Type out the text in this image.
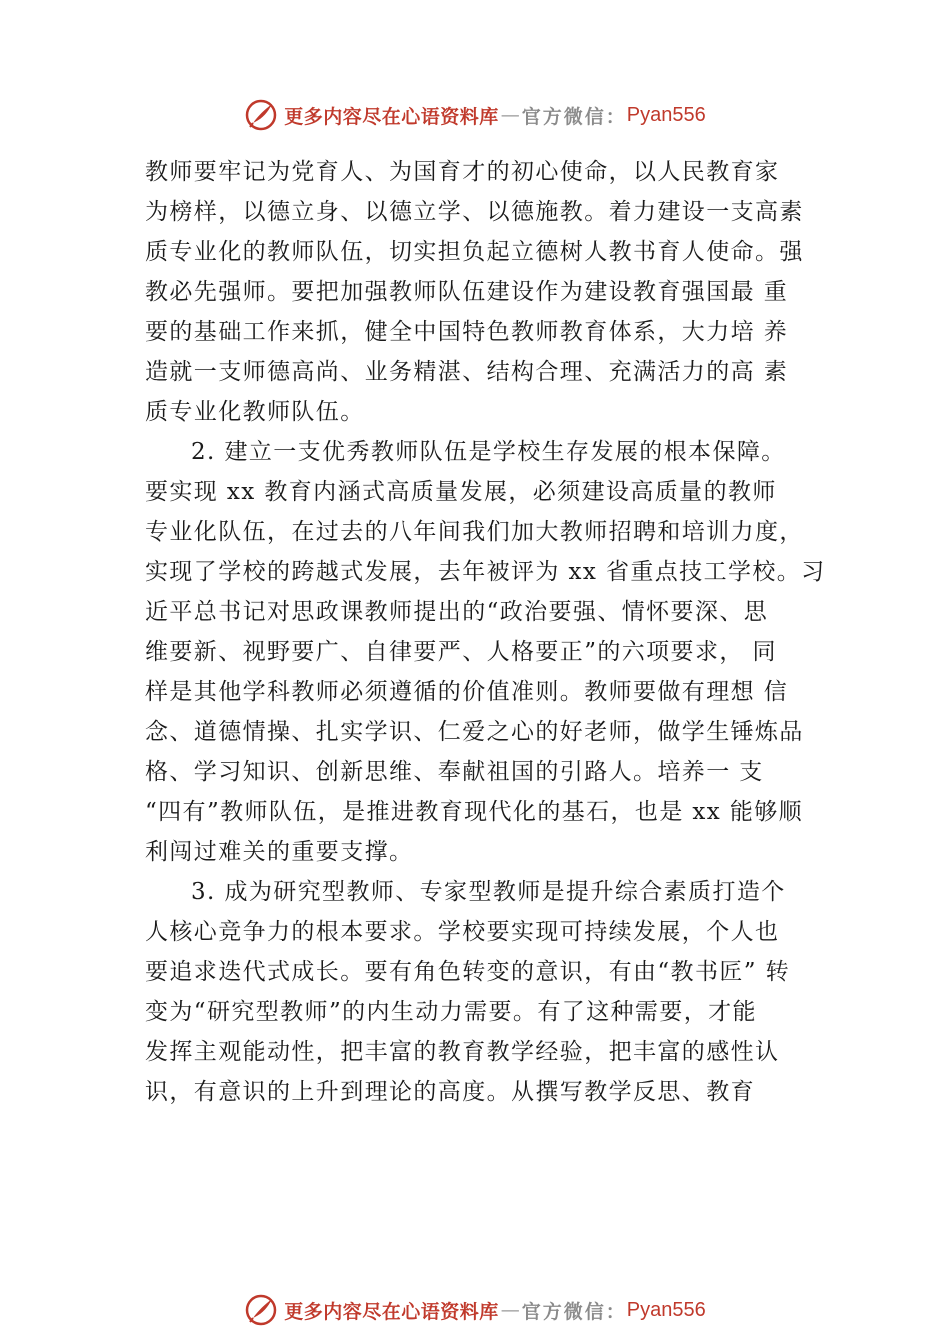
更多内容尽在心语资料库 — 官方微信： Pyan556
教师要牢记为党育人、为国育才的初心使命，以人民教育家
为榜样，以德立身、以德立学、以德施教。着力建设一支高素
质专业化的教师队伍，切实担负起立德树人教书育人使命。强
教必先强师。要把加强教师队伍建设作为建设教育强国最 重
要的基础工作来抓，健全中国特色教师教育体系，大力培 养
造就一支师德高尚、业务精湛、结构合理、充满活力的高 素
质专业化教师队伍。
2. 建立一支优秀教师队伍是学校生存发展的根本保障。
要实现 xx 教育内涵式高质量发展，必须建设高质量的教师
专业化队伍，在过去的八年间我们加大教师招聘和培训力度，
实现了学校的跨越式发展，去年被评为 xx 省重点技工学校。习
近平总书记对思政课教师提出的“政治要强、情怀要深、思
维要新、视野要广、自律要严、人格要正”的六项要求， 同
样是其他学科教师必须遵循的价值准则。教师要做有理想 信
念、道德情操、扎实学识、仁爱之心的好老师，做学生锤炼品
格、学习知识、创新思维、奉献祖国的引路人。培养一 支
“四有”教师队伍，是推进教育现代化的基石，也是 xx 能够顺
利闯过难关的重要支撑。
3. 成为研究型教师、专家型教师是提升综合素质打造个
人核心竞争力的根本要求。学校要实现可持续发展，个人也
要追求迭代式成长。要有角色转变的意识，有由“教书匠” 转
变为“研究型教师”的内生动力需要。有了这种需要，才能
发挥主观能动性，把丰富的教育教学经验，把丰富的感性认
识，有意识的上升到理论的高度。从撰写教学反思、教育
更多内容尽在心语资料库 — 官方微信： Pyan556
